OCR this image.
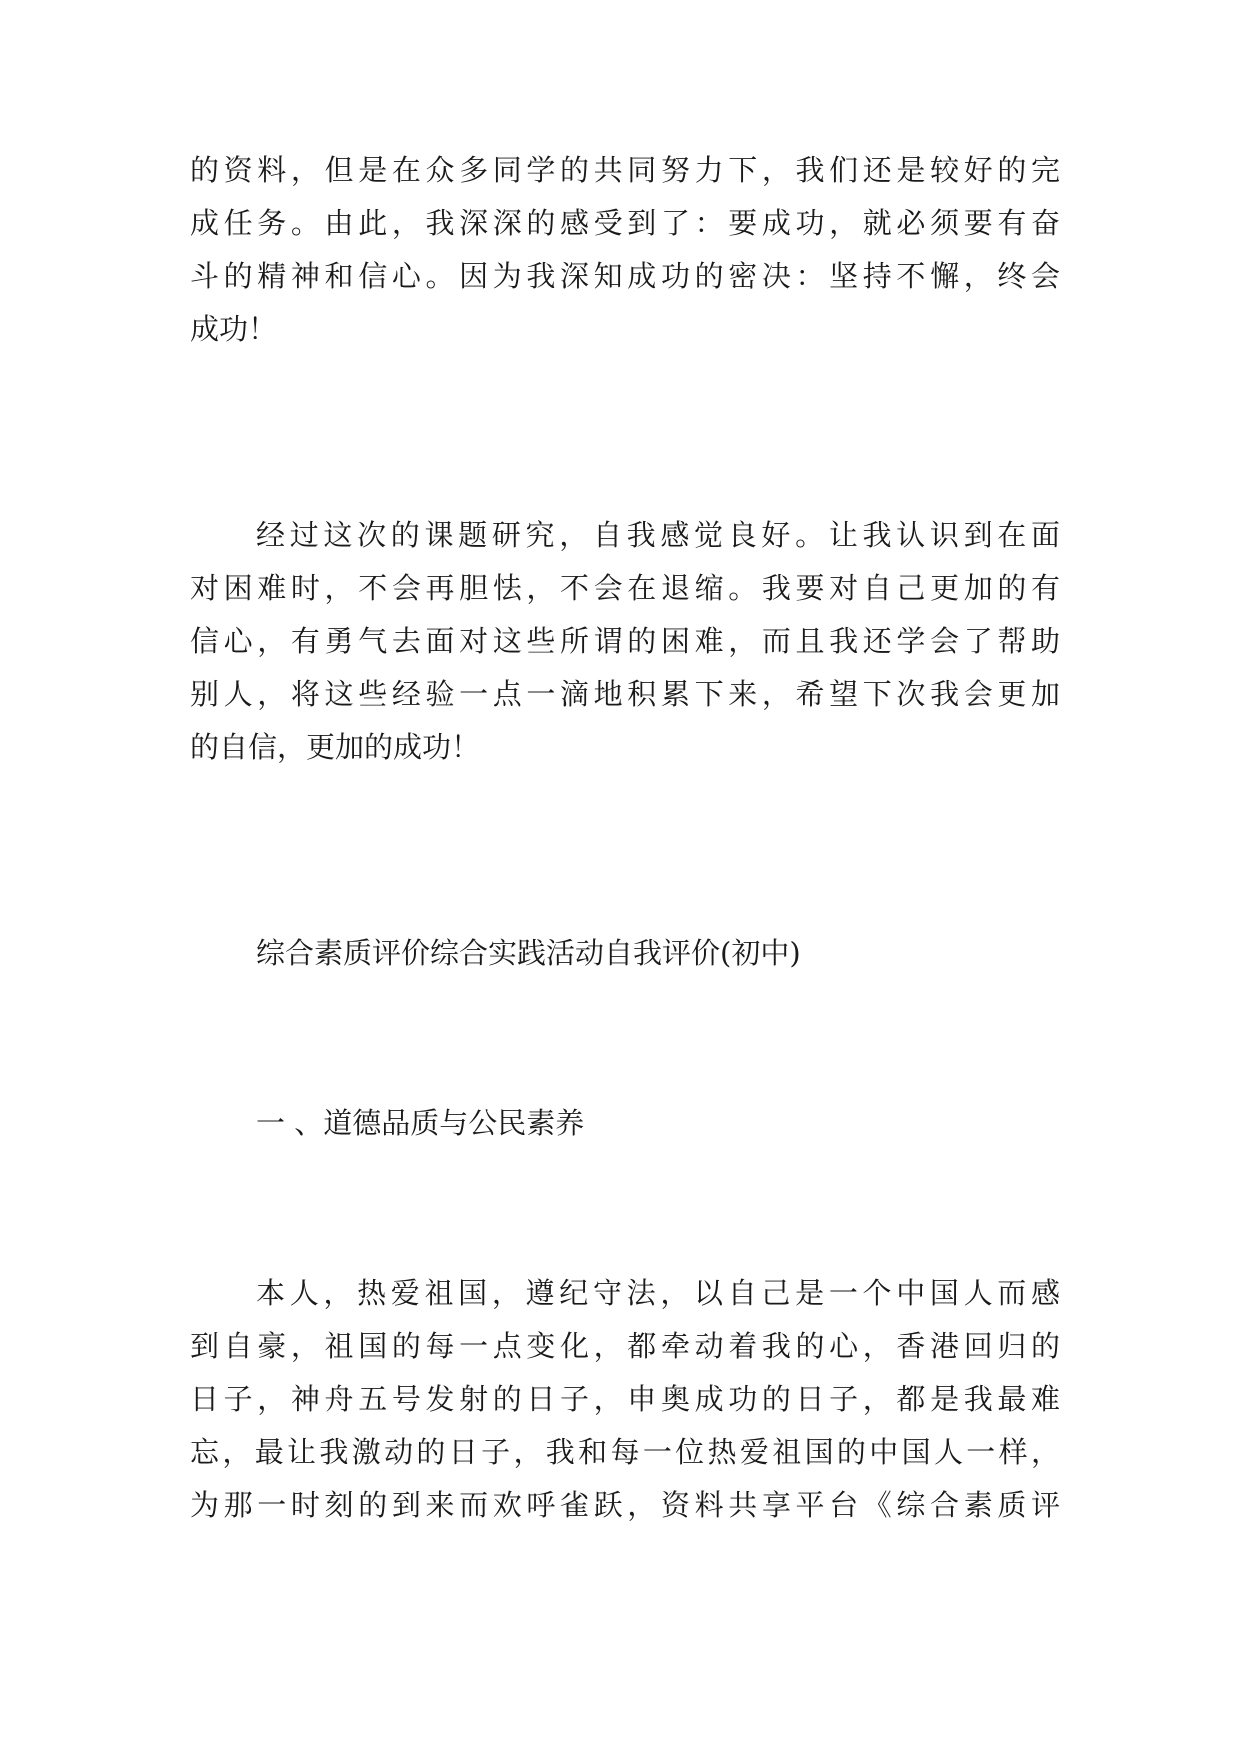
的资料，但是在众多同学的共同努力下，我们还是较好的完
成任务。由此，我深深的感受到了：要成功，就必须要有奋
斗的精神和信心。因为我深知成功的密决：坚持不懈，终会
成功！
经过这次的课题研究，自我感觉良好。让我认识到在面
对困难时，不会再胆怯，不会在退缩。我要对自己更加的有
信心，有勇气去面对这些所谓的困难，而且我还学会了帮助
别人，将这些经验一点一滴地积累下来，希望下次我会更加
的自信，更加的成功！
综合素质评价综合实践活动自我评价(初中)
一 、道德品质与公民素养
本人，热爱祖国，遵纪守法，以自己是一个中国人而感
到自豪，祖国的每一点变化，都牵动着我的心，香港回归的
日子，神舟五号发射的日子，申奥成功的日子，都是我最难
忘，最让我激动的日子，我和每一位热爱祖国的中国人一样，
为那一时刻的到来而欢呼雀跃，资料共享平台《综合素质评
